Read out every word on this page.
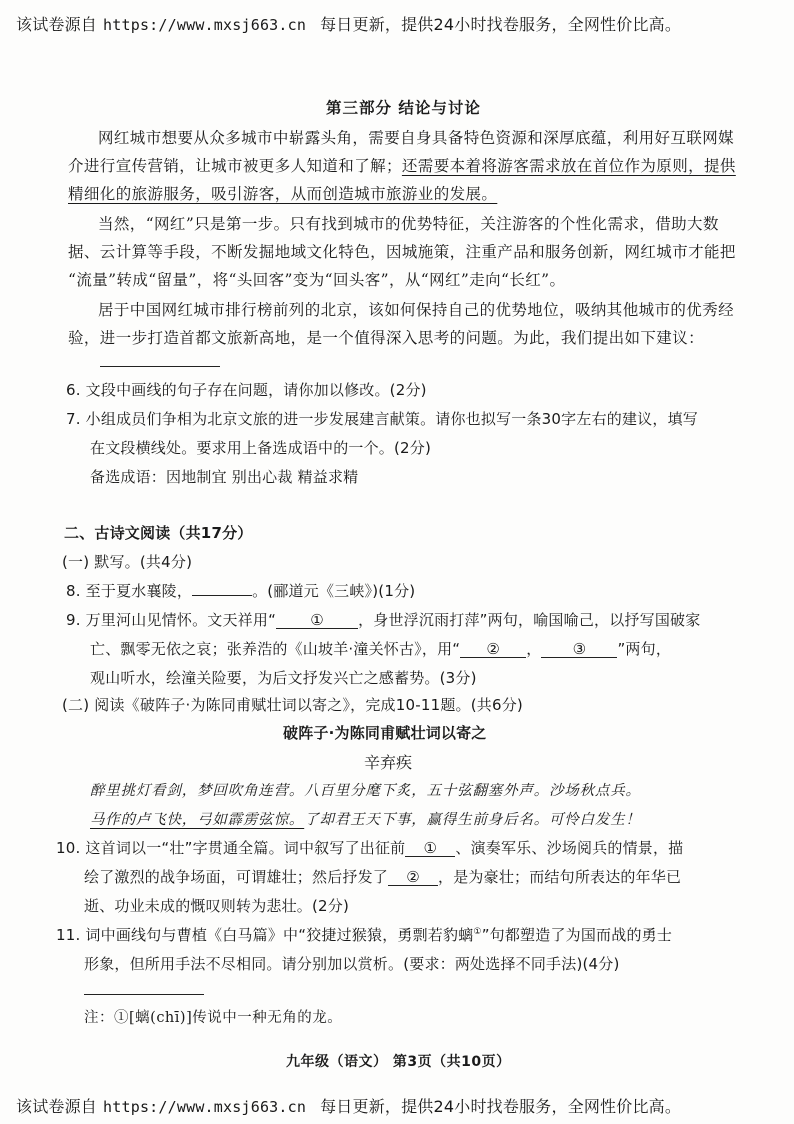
该试卷源自 https://www.mxsj663.cn 每日更新，提供24小时找卷服务，全网性价比高。
第三部分 结论与讨论
网红城市想要从众多城市中崭露头角，需要自身具备特色资源和深厚底蕴，利用好互联网媒
介进行宣传营销，让城市被更多人知道和了解；还需要本着将游客需求放在首位作为原则，提供
精细化的旅游服务，吸引游客，从而创造城市旅游业的发展。
当然，“网红”只是第一步。只有找到城市的优势特征，关注游客的个性化需求，借助大数
据、云计算等手段，不断发掘地域文化特色，因城施策，注重产品和服务创新，网红城市才能把
“流量”转成“留量”，将“头回客”变为“回头客”，从“网红”走向“长红”。
居于中国网红城市排行榜前列的北京，该如何保持自己的优势地位，吸纳其他城市的优秀经
验，进一步打造首都文旅新高地，是一个值得深入思考的问题。为此，我们提出如下建议：
6. 文段中画线的句子存在问题，请你加以修改。(2分)
7. 小组成员们争相为北京文旅的进一步发展建言献策。请你也拟写一条30字左右的建议，填写
在文段横线处。要求用上备选成语中的一个。(2分)
备选成语：因地制宜 别出心裁 精益求精
二、古诗文阅读（共17分）
(一) 默写。(共4分)
8. 至于夏水襄陵，	。(郦道元《三峡》)(1分)
9. 万里河山见情怀。文天祥用“ ① ，身世浮沉雨打萍”两句，喻国喻己，以抒写国破家
亡、飘零无依之哀；张养浩的《山坡羊·潼关怀古》，用“ ② ， ③ ”两句，
观山听水，绘潼关险要，为后文抒发兴亡之感蓄势。(3分)
(二) 阅读《破阵子·为陈同甫赋壮词以寄之》，完成10-11题。(共6分)
破阵子·为陈同甫赋壮词以寄之
辛弃疾
醉里挑灯看剑，梦回吹角连营。八百里分麾下炙，五十弦翻塞外声。沙场秋点兵。
马作的卢飞快，弓如霹雳弦惊。了却君王天下事，赢得生前身后名。可怜白发生！
10. 这首词以一“壮”字贯通全篇。词中叙写了出征前 ① 、演奏军乐、沙场阅兵的情景，描
绘了激烈的战争场面，可谓雄壮；然后抒发了 ② ，是为豪壮；而结句所表达的年华已
逝、功业未成的慨叹则转为悲壮。(2分)
11. 词中画线句与曹植《白马篇》中“狡捷过猴猿，勇剽若豹螭①”句都塑造了为国而战的勇士
形象，但所用手法不尽相同。请分别加以赏析。(要求：两处选择不同手法)(4分)
注：①[螭(chī)]传说中一种无角的龙。
九年级（语文） 第3页（共10页）
该试卷源自 https://www.mxsj663.cn 每日更新，提供24小时找卷服务，全网性价比高。
